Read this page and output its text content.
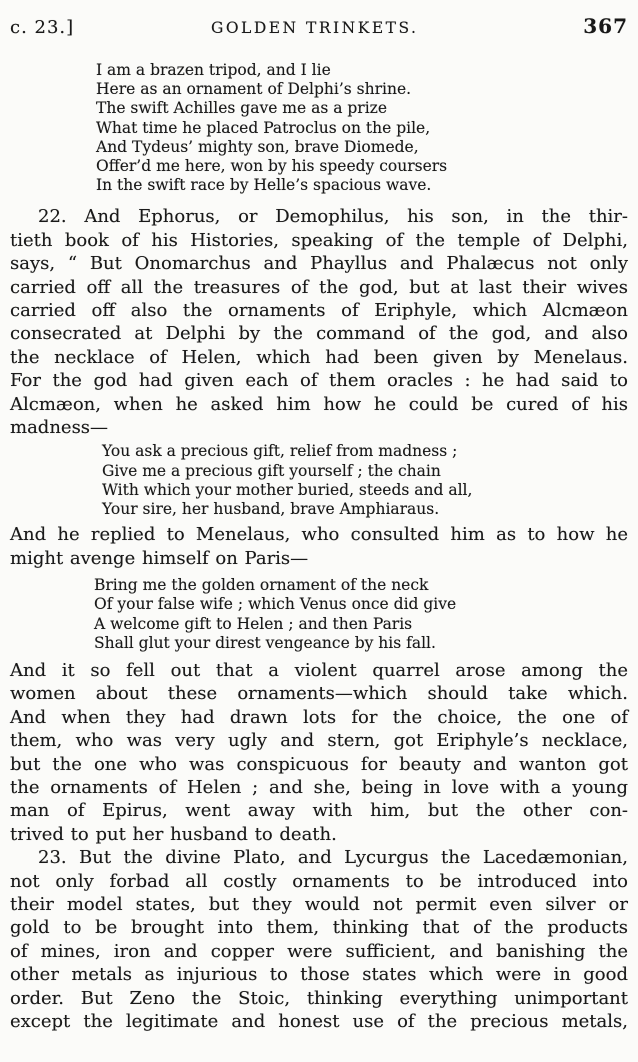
c. 23.]	GOLDEN TRINKETS.	367
I am a brazen tripod, and I lie
Here as an ornament of Delphi’s shrine.
The swift Achilles gave me as a prize
What time he placed Patroclus on the pile,
And Tydeus’ mighty son, brave Diomede,
Offer’d me here, won by his speedy coursers
In the swift race by Helle’s spacious wave.
22. And Ephorus, or Demophilus, his son, in the thir-
tieth book of his Histories, speaking of the temple of Delphi,
says, “ But Onomarchus and Phayllus and Phalæcus not only
carried off all the treasures of the god, but at last their wives
carried off also the ornaments of Eriphyle, which Alcmæon
consecrated at Delphi by the command of the god, and also
the necklace of Helen, which had been given by Menelaus.
For the god had given each of them oracles : he had said to
Alcmæon, when he asked him how he could be cured of his
madness—
You ask a precious gift, relief from madness ;
Give me a precious gift yourself ; the chain
With which your mother buried, steeds and all,
Your sire, her husband, brave Amphiaraus.
And he replied to Menelaus, who consulted him as to how he
might avenge himself on Paris—
Bring me the golden ornament of the neck
Of your false wife ; which Venus once did give
A welcome gift to Helen ; and then Paris
Shall glut your direst vengeance by his fall.
And it so fell out that a violent quarrel arose among the
women about these ornaments—which should take which.
And when they had drawn lots for the choice, the one of
them, who was very ugly and stern, got Eriphyle’s necklace,
but the one who was conspicuous for beauty and wanton got
the ornaments of Helen ; and she, being in love with a young
man of Epirus, went away with him, but the other con-
trived to put her husband to death.
23. But the divine Plato, and Lycurgus the Lacedæmonian,
not only forbad all costly ornaments to be introduced into
their model states, but they would not permit even silver or
gold to be brought into them, thinking that of the products
of mines, iron and copper were sufficient, and banishing the
other metals as injurious to those states which were in good
order. But Zeno the Stoic, thinking everything unimportant
except the legitimate and honest use of the precious metals,
